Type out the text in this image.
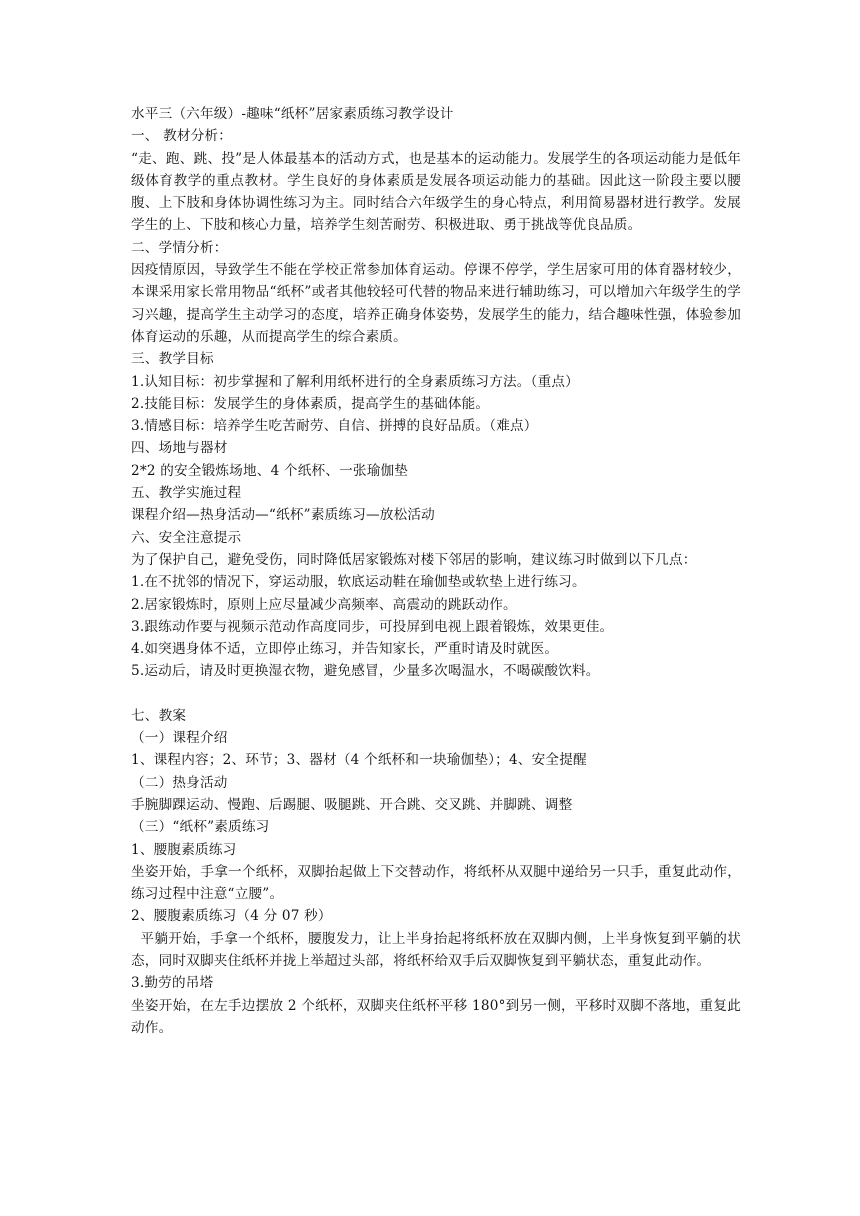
水平三（六年级）-趣味“纸杯”居家素质练习教学设计
一、 教材分析：
“走、跑、跳、投”是人体最基本的活动方式，也是基本的运动能力。发展学生的各项运动能力是低年级体育教学的重点教材。学生良好的身体素质是发展各项运动能力的基础。因此这一阶段主要以腰腹、上下肢和身体协调性练习为主。同时结合六年级学生的身心特点，利用简易器材进行教学。发展学生的上、下肢和核心力量，培养学生刻苦耐劳、积极进取、勇于挑战等优良品质。
二、学情分析：
因疫情原因，导致学生不能在学校正常参加体育运动。停课不停学，学生居家可用的体育器材较少，本课采用家长常用物品“纸杯”或者其他较轻可代替的物品来进行辅助练习，可以增加六年级学生的学习兴趣，提高学生主动学习的态度，培养正确身体姿势，发展学生的能力，结合趣味性强，体验参加体育运动的乐趣，从而提高学生的综合素质。
三、教学目标
1.认知目标：初步掌握和了解利用纸杯进行的全身素质练习方法。（重点）
2.技能目标：发展学生的身体素质，提高学生的基础体能。
3.情感目标：培养学生吃苦耐劳、自信、拼搏的良好品质。（难点）
四、场地与器材
2*2 的安全锻炼场地、4 个纸杯、一张瑜伽垫
五、教学实施过程
课程介绍—热身活动—“纸杯”素质练习—放松活动
六、安全注意提示
为了保护自己，避免受伤，同时降低居家锻炼对楼下邻居的影响，建议练习时做到以下几点：
1.在不扰邻的情况下，穿运动服，软底运动鞋在瑜伽垫或软垫上进行练习。
2.居家锻炼时，原则上应尽量减少高频率、高震动的跳跃动作。
3.跟练动作要与视频示范动作高度同步，可投屏到电视上跟着锻炼，效果更佳。
4.如突遇身体不适，立即停止练习，并告知家长，严重时请及时就医。
5.运动后，请及时更换湿衣物，避免感冒，少量多次喝温水，不喝碳酸饮料。
七、教案
（一）课程介绍
1、课程内容；2、环节；3、器材（4 个纸杯和一块瑜伽垫）；4、安全提醒
（二）热身活动
手腕脚踝运动、慢跑、后踢腿、吸腿跳、开合跳、交叉跳、并脚跳、调整
（三）“纸杯”素质练习
1、腰腹素质练习
坐姿开始，手拿一个纸杯，双脚抬起做上下交替动作，将纸杯从双腿中递给另一只手，重复此动作，练习过程中注意“立腰”。
2、腰腹素质练习（4 分 07 秒）
平躺开始，手拿一个纸杯，腰腹发力，让上半身抬起将纸杯放在双脚内侧，上半身恢复到平躺的状态，同时双脚夹住纸杯并拢上举超过头部，将纸杯给双手后双脚恢复到平躺状态，重复此动作。
3.勤劳的吊塔
坐姿开始，在左手边摆放 2 个纸杯，双脚夹住纸杯平移 180°到另一侧，平移时双脚不落地，重复此动作。
